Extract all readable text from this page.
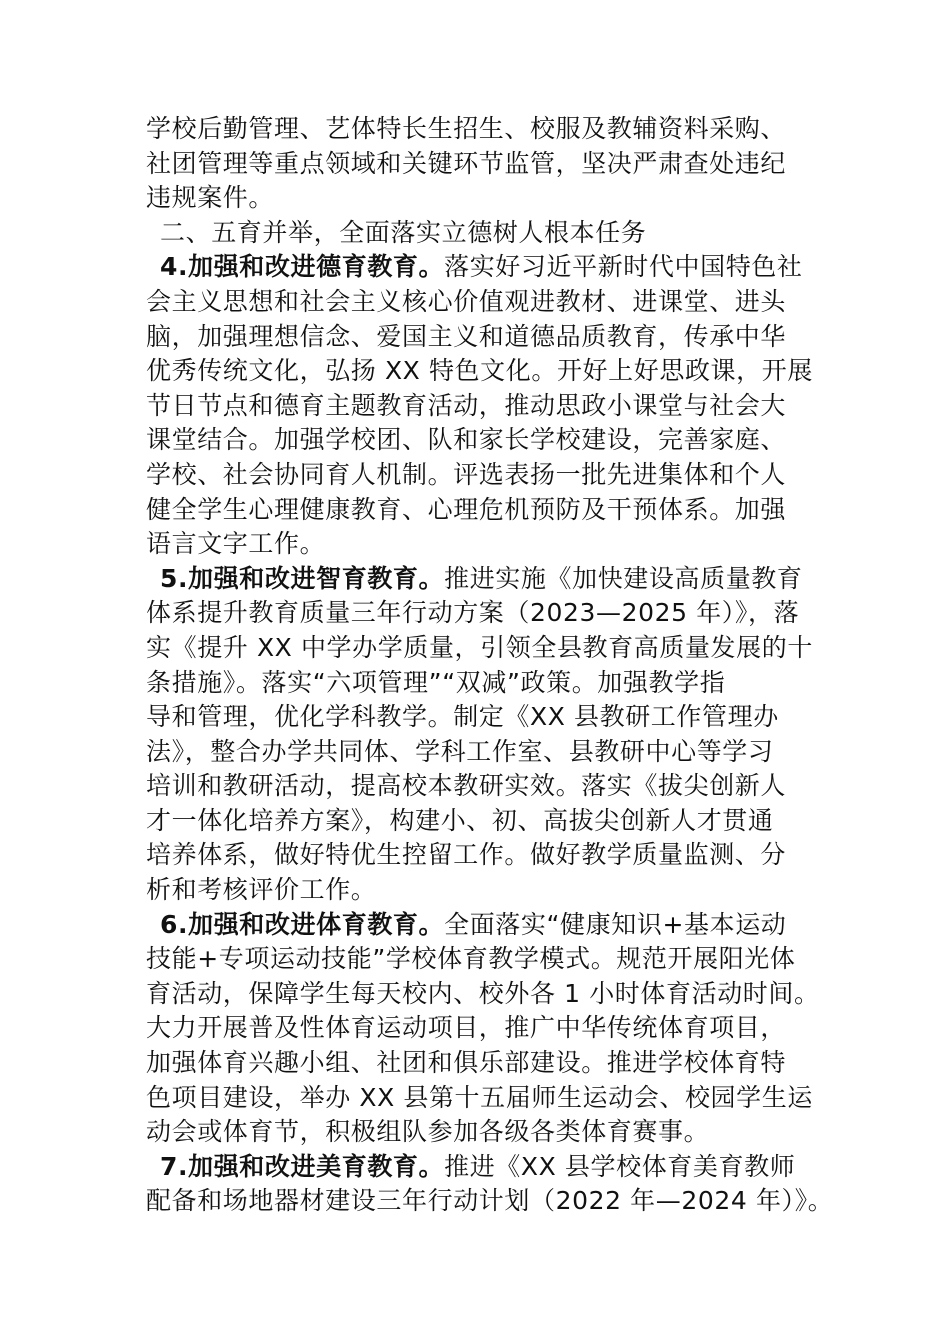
学校后勤管理、艺体特长生招生、校服及教辅资料采购、
社团管理等重点领域和关键环节监管，坚决严肃查处违纪
违规案件。
二、五育并举，全面落实立德树人根本任务
4.加强和改进德育教育。落实好习近平新时代中国特色社
会主义思想和社会主义核心价值观进教材、进课堂、进头
脑，加强理想信念、爱国主义和道德品质教育，传承中华
优秀传统文化，弘扬 XX 特色文化。开好上好思政课，开展
节日节点和德育主题教育活动，推动思政小课堂与社会大
课堂结合。加强学校团、队和家长学校建设，完善家庭、
学校、社会协同育人机制。评选表扬一批先进集体和个人
健全学生心理健康教育、心理危机预防及干预体系。加强
语言文字工作。
5.加强和改进智育教育。推进实施《加快建设高质量教育
体系提升教育质量三年行动方案（2023—2025 年）》，落
实《提升 XX 中学办学质量，引领全县教育高质量发展的十
条措施》。落实“六项管理”“双减”政策。加强教学指
导和管理，优化学科教学。制定《XX 县教研工作管理办
法》，整合办学共同体、学科工作室、县教研中心等学习
培训和教研活动，提高校本教研实效。落实《拔尖创新人
才一体化培养方案》，构建小、初、高拔尖创新人才贯通
培养体系，做好特优生控留工作。做好教学质量监测、分
析和考核评价工作。
6.加强和改进体育教育。全面落实“健康知识+基本运动
技能+专项运动技能”学校体育教学模式。规范开展阳光体
育活动，保障学生每天校内、校外各 1 小时体育活动时间。
大力开展普及性体育运动项目，推广中华传统体育项目，
加强体育兴趣小组、社团和俱乐部建设。推进学校体育特
色项目建设，举办 XX 县第十五届师生运动会、校园学生运
动会或体育节，积极组队参加各级各类体育赛事。
7.加强和改进美育教育。推进《XX 县学校体育美育教师
配备和场地器材建设三年行动计划（2022 年—2024 年）》。
